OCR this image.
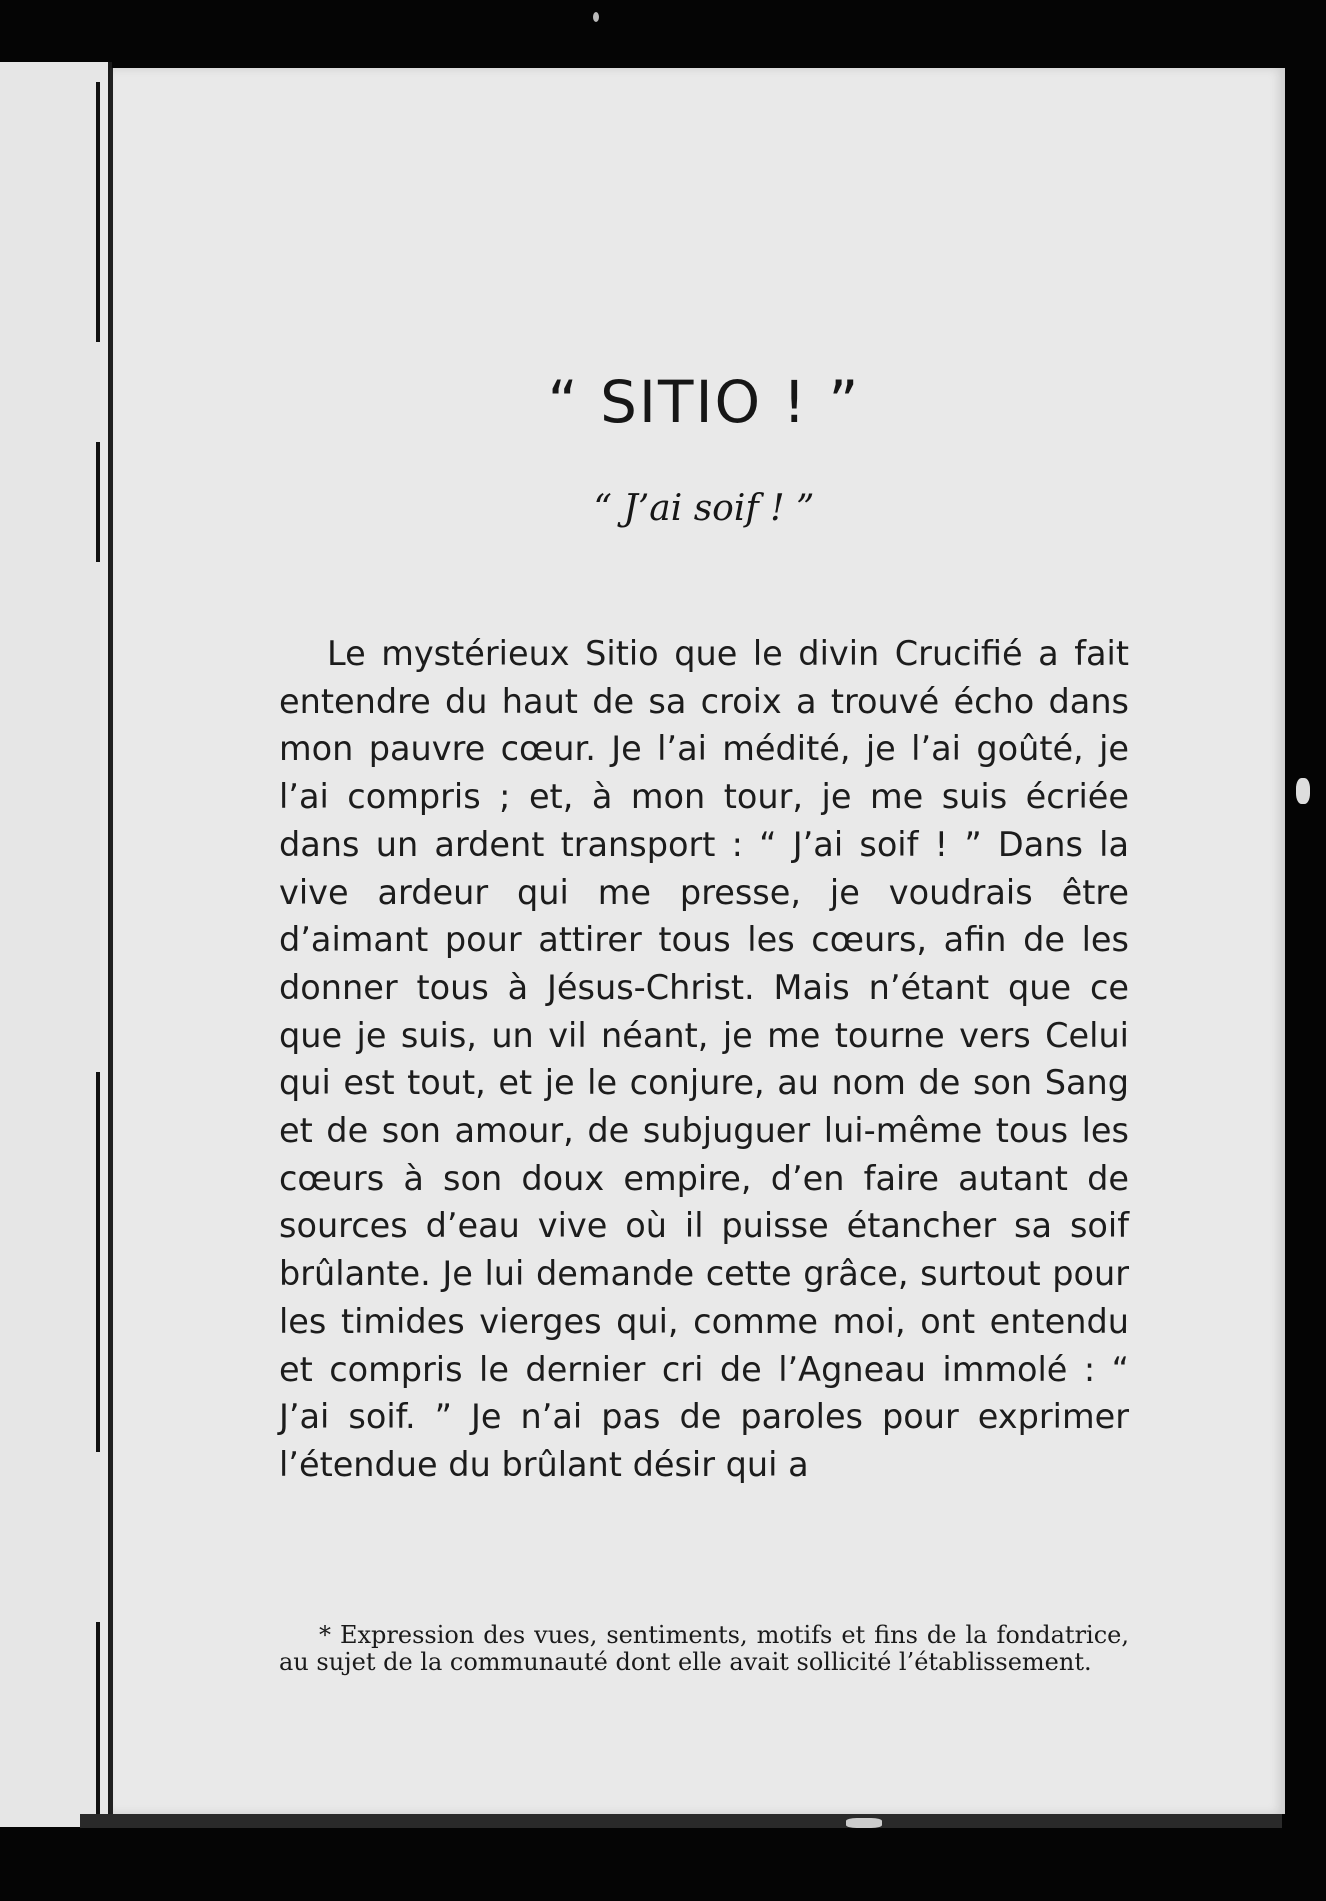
“ SITIO ! ”
“ J’ai soif ! ”

Le mystérieux Sitio que le divin Crucifié a fait entendre du haut de sa croix a trouvé écho dans mon pauvre cœur. Je l’ai médité, je l’ai goûté, je l’ai compris ; et, à mon tour, je me suis écriée dans un ardent transport : “ J’ai soif ! ” Dans la vive ardeur qui me presse, je voudrais être d’aimant pour attirer tous les cœurs, afin de les donner tous à Jésus-Christ. Mais n’étant que ce que je suis, un vil néant, je me tourne vers Celui qui est tout, et je le conjure, au nom de son Sang et de son amour, de subjuguer lui-même tous les cœurs à son doux empire, d’en faire autant de sources d’eau vive où il puisse étancher sa soif brûlante. Je lui demande cette grâce, surtout pour les timides vierges qui, comme moi, ont entendu et compris le dernier cri de l’Agneau immolé : “ J’ai soif. ” Je n’ai pas de paroles pour exprimer l’étendue du brûlant désir qui a

* Expression des vues, sentiments, motifs et fins de la fondatrice, au sujet de la communauté dont elle avait sollicité l’établissement.
